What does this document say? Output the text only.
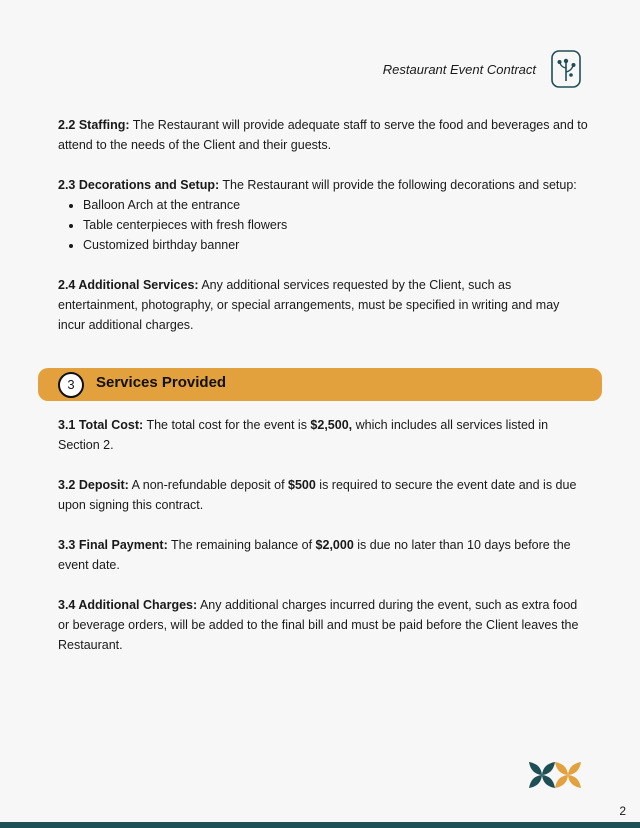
Restaurant Event Contract

2.2 Staffing: The Restaurant will provide adequate staff to serve the food and beverages and to attend to the needs of the Client and their guests.

2.3 Decorations and Setup: The Restaurant will provide the following decorations and setup:

• Balloon Arch at the entrance
• Table centerpieces with fresh flowers
• Customized birthday banner

2.4 Additional Services: Any additional services requested by the Client, such as entertainment, photography, or special arrangements, must be specified in writing and may incur additional charges.

3	Services Provided

3.1 Total Cost: The total cost for the event is $2,500, which includes all services listed in Section 2.

3.2 Deposit: A non-refundable deposit of $500 is required to secure the event date and is due upon signing this contract.

3.3 Final Payment: The remaining balance of $2,000 is due no later than 10 days before the event date.

3.4 Additional Charges: Any additional charges incurred during the event, such as extra food or beverage orders, will be added to the final bill and must be paid before the Client leaves the Restaurant.

2
